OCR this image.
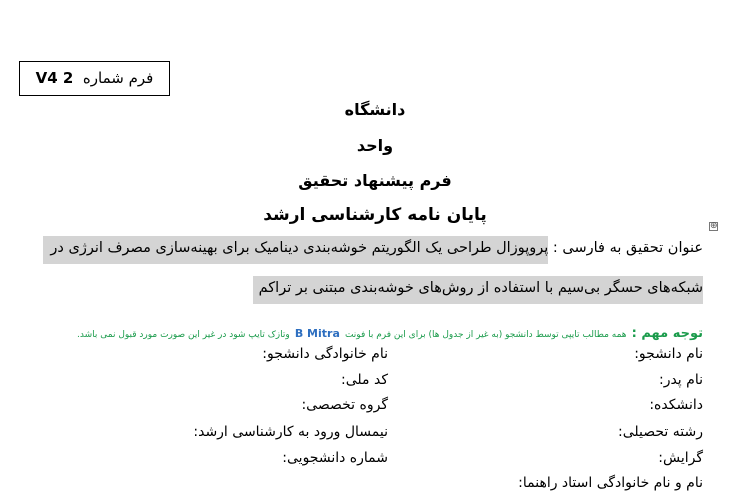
فرم شماره  V4 2
دانشگاه
واحد
فرم پیشنهاد تحقیق
پایان نامه کارشناسی ارشد
⊕
عنوان تحقیق به فارسی : پروپوزال طراحی یک الگوریتم خوشه‌بندی دینامیک برای بهینه‌سازی مصرف انرژی در
شبکه‌های حسگر بی‌سیم با استفاده از روش‌های خوشه‌بندی مبتنی بر تراکم
توجه مهم : همه مطالب تایپی توسط دانشجو (به غیر از جدول ها) برای این فرم با فونت B Mitra وتازک تایپ شود در غیر این صورت مورد قبول نمی باشد.
نام دانشجو:
نام خانوادگی دانشجو:
نام پدر:
کد ملی:
دانشکده:
گروه تخصصی:
رشته تحصیلی:
نیمسال ورود به کارشناسی ارشد:
گرایش:
شماره دانشجویی:
نام و نام خانوادگی استاد راهنما:
